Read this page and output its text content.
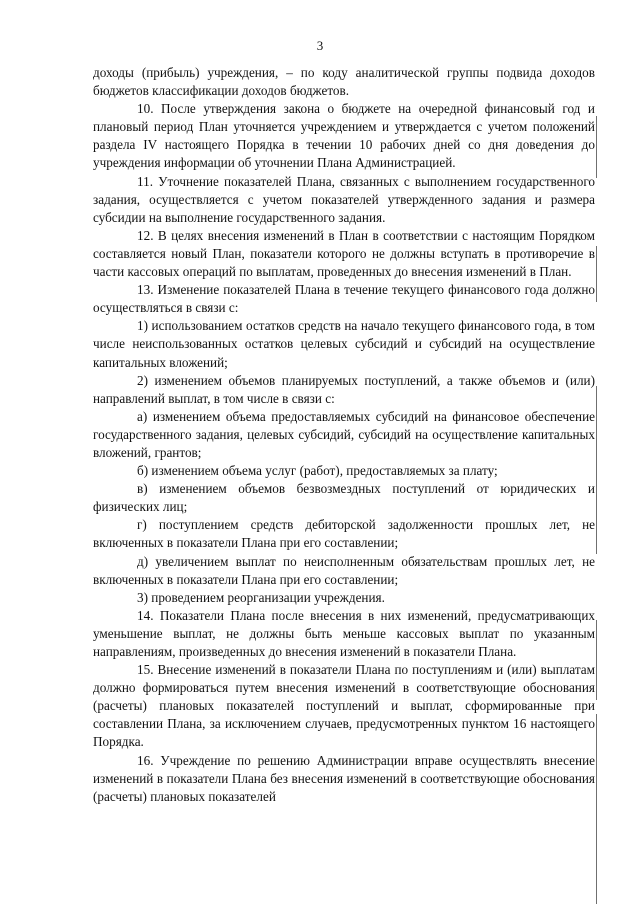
3

доходы (прибыль) учреждения, – по коду аналитической группы подвида доходов бюджетов классификации доходов бюджетов.

10. После утверждения закона о бюджете на очередной финансовый год и плановый период План уточняется учреждением и утверждается с учетом положений раздела IV настоящего Порядка в течении 10 рабочих дней со дня доведения до учреждения информации об уточнении Плана Администрацией.

11. Уточнение показателей Плана, связанных с выполнением государственного задания, осуществляется с учетом показателей утвержденного задания и размера субсидии на выполнение государственного задания.

12. В целях внесения изменений в План в соответствии с настоящим Порядком составляется новый План, показатели которого не должны вступать в противоречие в части кассовых операций по выплатам, проведенных до внесения изменений в План.

13. Изменение показателей Плана в течение текущего финансового года должно осуществляться в связи с:

1) использованием остатков средств на начало текущего финансового года, в том числе неиспользованных остатков целевых субсидий и субсидий на осуществление капитальных вложений;

2) изменением объемов планируемых поступлений, а также объемов и (или) направлений выплат, в том числе в связи с:

а) изменением объема предоставляемых субсидий на финансовое обеспечение государственного задания, целевых субсидий, субсидий на осуществление капитальных вложений, грантов;

б) изменением объема услуг (работ), предоставляемых за плату;

в) изменением объемов безвозмездных поступлений от юридических и физических лиц;

г) поступлением средств дебиторской задолженности прошлых лет, не включенных в показатели Плана при его составлении;

д) увеличением выплат по неисполненным обязательствам прошлых лет, не включенных в показатели Плана при его составлении;

3) проведением реорганизации учреждения.

14. Показатели Плана после внесения в них изменений, предусматривающих уменьшение выплат, не должны быть меньше кассовых выплат по указанным направлениям, произведенных до внесения изменений в показатели Плана.

15. Внесение изменений в показатели Плана по поступлениям и (или) выплатам должно формироваться путем внесения изменений в соответствующие обоснования (расчеты) плановых показателей поступлений и выплат, сформированные при составлении Плана, за исключением случаев, предусмотренных пунктом 16 настоящего Порядка.

16. Учреждение по решению Администрации вправе осуществлять внесение изменений в показатели Плана без внесения изменений в соответствующие обоснования (расчеты) плановых показателей
